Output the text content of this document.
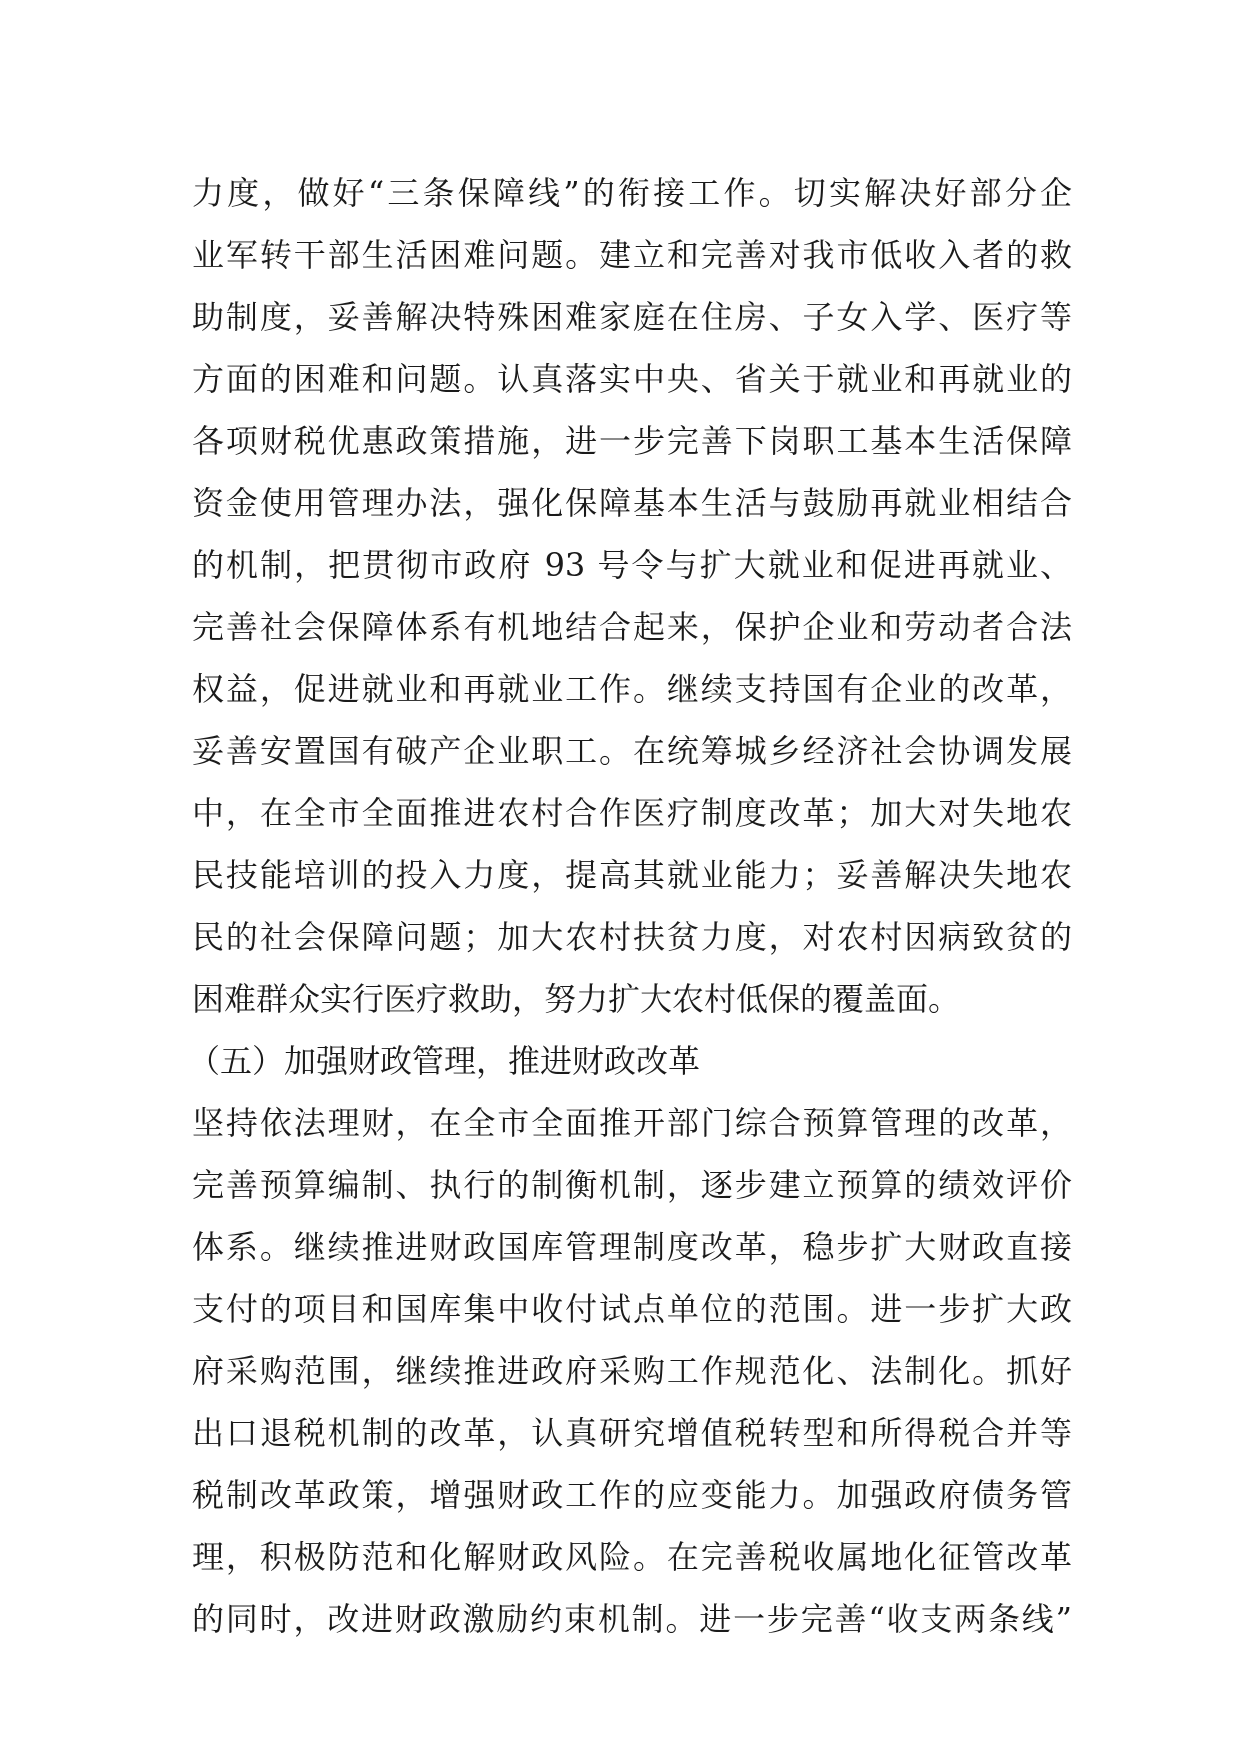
力度，做好“三条保障线”的衔接工作。切实解决好部分企
业军转干部生活困难问题。建立和完善对我市低收入者的救
助制度，妥善解决特殊困难家庭在住房、子女入学、医疗等
方面的困难和问题。认真落实中央、省关于就业和再就业的
各项财税优惠政策措施，进一步完善下岗职工基本生活保障
资金使用管理办法，强化保障基本生活与鼓励再就业相结合
的机制，把贯彻市政府 93 号令与扩大就业和促进再就业、
完善社会保障体系有机地结合起来，保护企业和劳动者合法
权益，促进就业和再就业工作。继续支持国有企业的改革，
妥善安置国有破产企业职工。在统筹城乡经济社会协调发展
中，在全市全面推进农村合作医疗制度改革；加大对失地农
民技能培训的投入力度，提高其就业能力；妥善解决失地农
民的社会保障问题；加大农村扶贫力度，对农村因病致贫的
困难群众实行医疗救助，努力扩大农村低保的覆盖面。
（五）加强财政管理，推进财政改革
坚持依法理财，在全市全面推开部门综合预算管理的改革，
完善预算编制、执行的制衡机制，逐步建立预算的绩效评价
体系。继续推进财政国库管理制度改革，稳步扩大财政直接
支付的项目和国库集中收付试点单位的范围。进一步扩大政
府采购范围，继续推进政府采购工作规范化、法制化。抓好
出口退税机制的改革，认真研究增值税转型和所得税合并等
税制改革政策，增强财政工作的应变能力。加强政府债务管
理，积极防范和化解财政风险。在完善税收属地化征管改革
的同时，改进财政激励约束机制。进一步完善“收支两条线”
